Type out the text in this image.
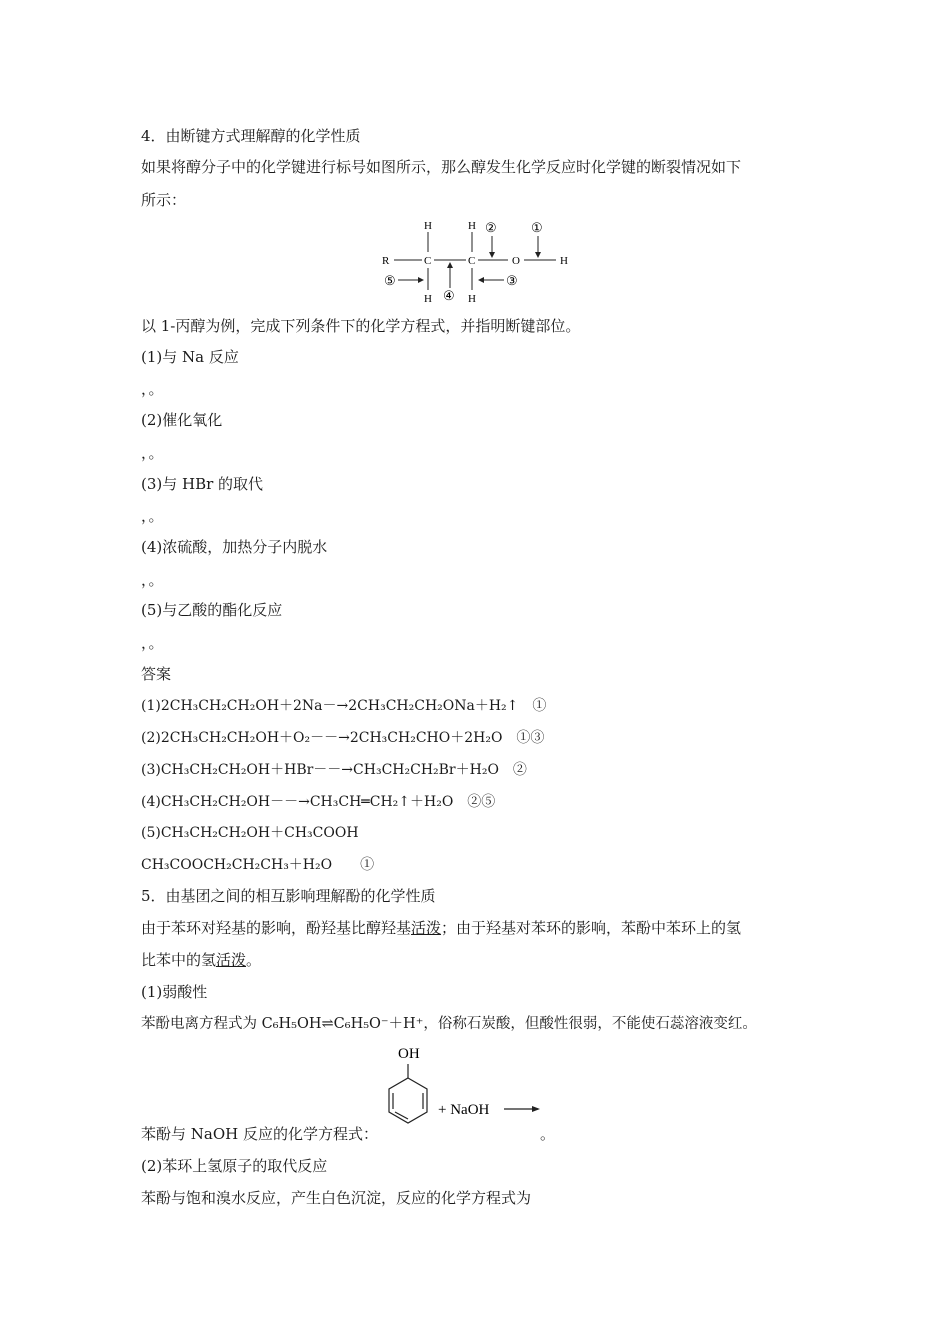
4．由断键方式理解醇的化学性质
如果将醇分子中的化学键进行标号如图所示，那么醇发生化学反应时化学键的断裂情况如下
所示：
R	C	C	O	H
H	H
H	H
②	①
④
⑤	③
以 1-丙醇为例，完成下列条件下的化学方程式，并指明断键部位。
(1)与 Na 反应
，。
(2)催化氧化
，。
(3)与 HBr 的取代
，。
(4)浓硫酸，加热分子内脱水
，。
(5)与乙酸的酯化反应
，。
答案
(1)2CH₃CH₂CH₂OH＋2Na－→2CH₃CH₂CH₂ONa＋H₂↑　①
(2)2CH₃CH₂CH₂OH＋O₂－－→2CH₃CH₂CHO＋2H₂O　①③
(3)CH₃CH₂CH₂OH＋HBr－－→CH₃CH₂CH₂Br＋H₂O　②
(4)CH₃CH₂CH₂OH－－→CH₃CH═CH₂↑＋H₂O　②⑤
(5)CH₃CH₂CH₂OH＋CH₃COOH
CH₃COOCH₂CH₂CH₃＋H₂O　　①
5．由基团之间的相互影响理解酚的化学性质
由于苯环对羟基的影响，酚羟基比醇羟基活泼；由于羟基对苯环的影响，苯酚中苯环上的氢
比苯中的氢活泼。
(1)弱酸性
苯酚电离方程式为 C₆H₅OH⇌C₆H₅O⁻＋H⁺，俗称石炭酸，但酸性很弱，不能使石蕊溶液变红。
OH
+ NaOH
苯酚与 NaOH 反应的化学方程式：	。
(2)苯环上氢原子的取代反应
苯酚与饱和溴水反应，产生白色沉淀，反应的化学方程式为
